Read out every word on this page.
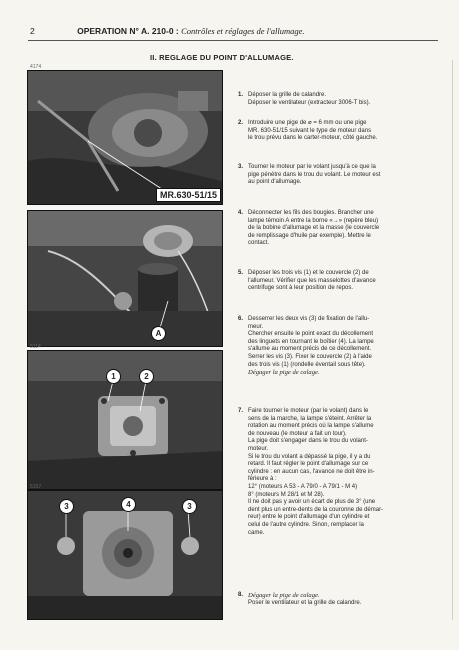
2	OPERATION N° A. 210-0 : Contrôles et réglages de l'allumage.
II. REGLAGE DU POINT D'ALLUMAGE.
4174
MR.630-51/15
A
5114
1	2
5157
3	4	3
1. Déposer la grille de calandre.
Déposer le ventilateur (extracteur 3006-T bis).
2. Introduire une pige de ⌀ = 6 mm ou une pige
MR. 630-51/15 suivant le type de moteur dans
le trou prévu dans le carter-moteur, côté gauche.
3. Tourner le moteur par le volant jusqu'à ce que la
pige pénètre dans le trou du volant. Le moteur est
au point d'allumage.
4. Déconnecter les fils des bougies. Brancher une
lampe témoin A entre la borne «→» (repère bleu)
de la bobine d'allumage et la masse (le couvercle
de remplissage d'huile par exemple). Mettre le
contact.
5. Déposer les trois vis (1) et le couvercle (2) de
l'allumeur. Vérifier que les masselottes d'avance
centrifuge sont à leur position de repos.
6. Desserrer les deux vis (3) de fixation de l'allu-
meur.
Chercher ensuite le point exact du décollement
des linguets en tournant le boîtier (4). La lampe
s'allume au moment précis de ce décollement.
Serrer les vis (3). Fixer le couvercle (2) à l'aide
des trois vis (1) (rondelle éventail sous tête).
Dégager la pige de calage.
7. Faire tourner le moteur (par le volant) dans le
sens de la marche, la lampe s'éteint. Arrêter la
rotation au moment précis où la lampe s'allume
de nouveau (le moteur a fait un tour).
La pige doit s'engager dans le trou du volant-
moteur.
Si le trou du volant a dépassé la pige, il y a du
retard. Il faut régler le point d'allumage sur ce
cylindre : en aucun cas, l'avance ne doit être in-
férieure à :
12° (moteurs A 53 - A 79/0 - A 79/1 - M 4)
8° (moteurs M 28/1 et M 28).
Il ne doit pas y avoir un écart de plus de 3° (une
dent plus un entre-dents de la couronne de démar-
reur) entre le point d'allumage d'un cylindre et
celui de l'autre cylindre. Sinon, remplacer la
came.
8. Dégager la pige de calage.
Poser le ventilateur et la grille de calandre.
